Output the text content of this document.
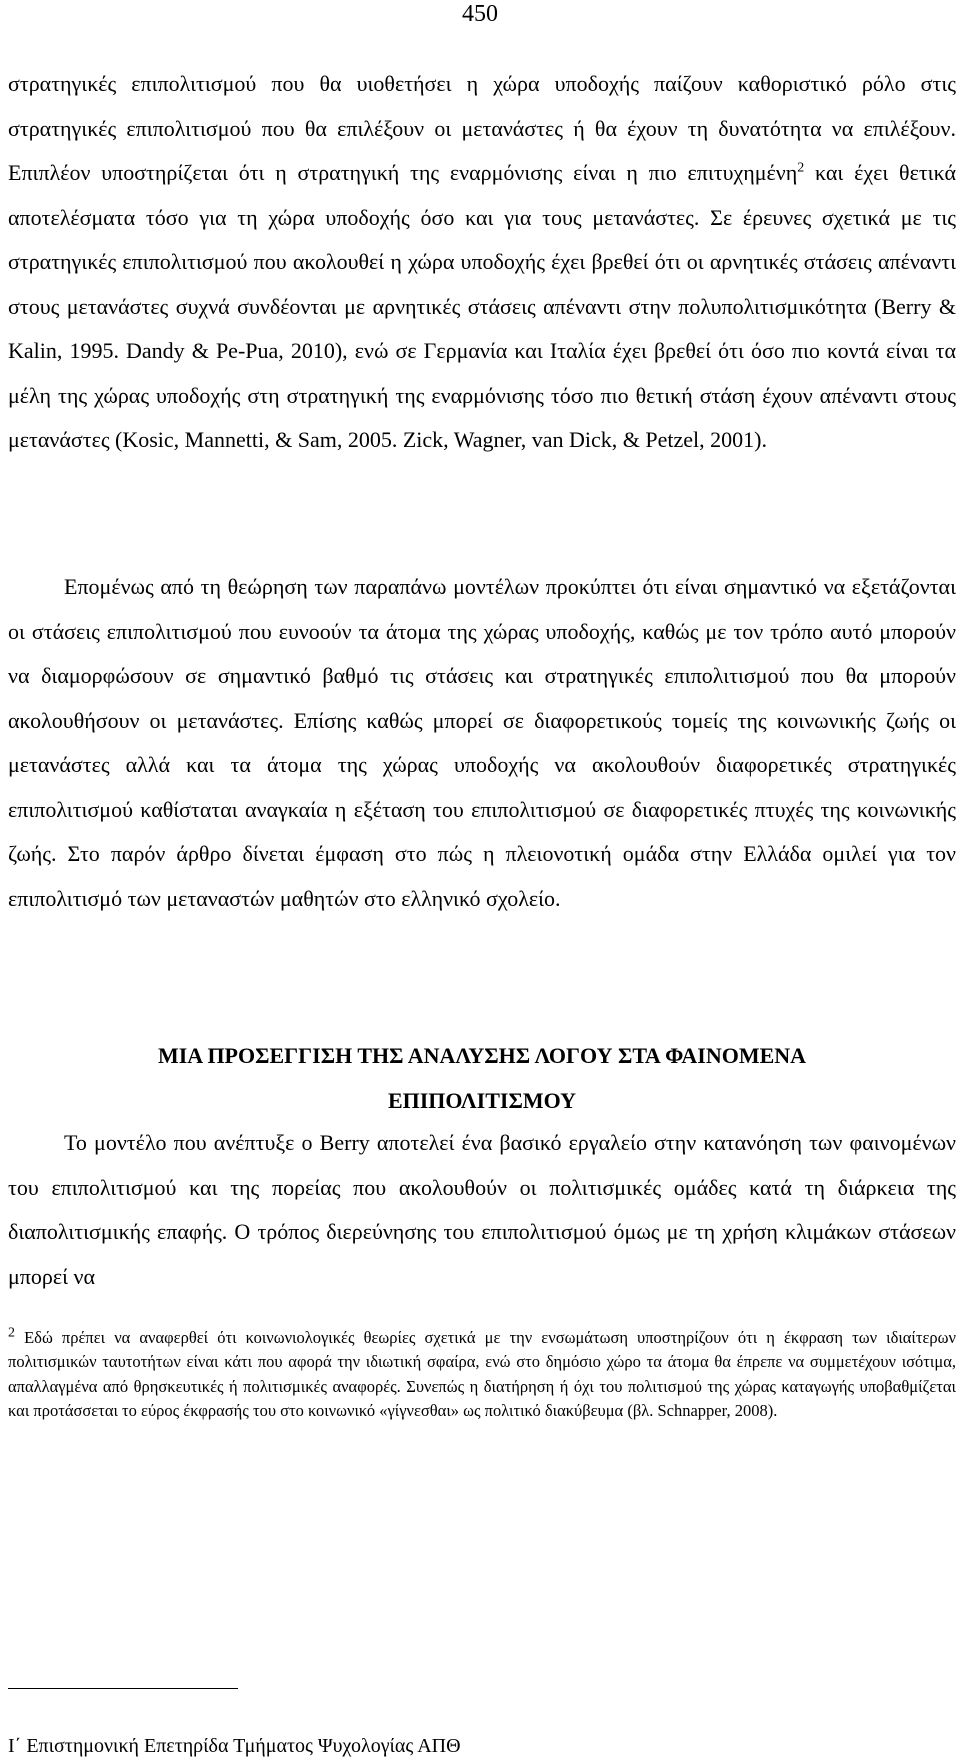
450

στρατηγικές επιπολιτισμού που θα υιοθετήσει η χώρα υποδοχής παίζουν καθοριστικό ρόλο στις στρατηγικές επιπολιτισμού που θα επιλέξουν οι μετανάστες ή θα έχουν τη δυνατότητα να επιλέξουν. Επιπλέον υποστηρίζεται ότι η στρατηγική της εναρμόνισης είναι η πιο επιτυχημένη$^2$ και έχει θετικά αποτελέσματα τόσο για τη χώρα υποδοχής όσο και για τους μετανάστες. Σε έρευνες σχετικά με τις στρατηγικές επιπολιτισμού που ακολουθεί η χώρα υποδοχής έχει βρεθεί ότι οι αρνητικές στάσεις απέναντι στους μετανάστες συχνά συνδέονται με αρνητικές στάσεις απέναντι στην πολυπολιτισμικότητα (Berry & Kalin, 1995. Dandy & Pe-Pua, 2010), ενώ σε Γερμανία και Ιταλία έχει βρεθεί ότι όσο πιο κοντά είναι τα μέλη της χώρας υποδοχής στη στρατηγική της εναρμόνισης τόσο πιο θετική στάση έχουν απέναντι στους μετανάστες (Kosic, Mannetti, & Sam, 2005. Zick, Wagner, van Dick, & Petzel, 2001).

Επομένως από τη θεώρηση των παραπάνω μοντέλων προκύπτει ότι είναι σημαντικό να εξετάζονται οι στάσεις επιπολιτισμού που ευνοούν τα άτομα της χώρας υποδοχής, καθώς με τον τρόπο αυτό μπορούν να διαμορφώσουν σε σημαντικό βαθμό τις στάσεις και στρατηγικές επιπολιτισμού που θα μπορούν ακολουθήσουν οι μετανάστες. Επίσης καθώς μπορεί σε διαφορετικούς τομείς της κοινωνικής ζωής οι μετανάστες αλλά και τα άτομα της χώρας υποδοχής να ακολουθούν διαφορετικές στρατηγικές επιπολιτισμού καθίσταται αναγκαία η εξέταση του επιπολιτισμού σε διαφορετικές πτυχές της κοινωνικής ζωής. Στο παρόν άρθρο δίνεται έμφαση στο πώς η πλειονοτική ομάδα στην Ελλάδα ομιλεί για τον επιπολιτισμό των μεταναστών μαθητών στο ελληνικό σχολείο.

ΜΙΑ ΠΡΟΣΕΓΓΙΣΗ ΤΗΣ ΑΝΑΛΥΣΗΣ ΛΟΓΟΥ ΣΤΑ ΦΑΙΝΟΜΕΝΑ
ΕΠΙΠΟΛΙΤΙΣΜΟΥ

Το μοντέλο που ανέπτυξε ο Berry αποτελεί ένα βασικό εργαλείο στην κατανόηση των φαινομένων του επιπολιτισμού και της πορείας που ακολουθούν οι πολιτισμικές ομάδες κατά τη διάρκεια της διαπολιτισμικής επαφής. Ο τρόπος διερεύνησης του επιπολιτισμού όμως με τη χρήση κλιμάκων στάσεων μπορεί να

$^2$ Εδώ πρέπει να αναφερθεί ότι κοινωνιολογικές θεωρίες σχετικά με την ενσωμάτωση υποστηρίζουν ότι η έκφραση των ιδιαίτερων πολιτισμικών ταυτοτήτων είναι κάτι που αφορά την ιδιωτική σφαίρα, ενώ στο δημόσιο χώρο τα άτομα θα έπρεπε να συμμετέχουν ισότιμα, απαλλαγμένα από θρησκευτικές ή πολιτισμικές αναφορές. Συνεπώς η διατήρηση ή όχι του πολιτισμού της χώρας καταγωγής υποβαθμίζεται και προτάσσεται το εύρος έκφρασής του στο κοινωνικό «γίγνεσθαι» ως πολιτικό διακύβευμα (βλ. Schnapper, 2008).

Ι΄ Επιστημονική Επετηρίδα Τμήματος Ψυχολογίας ΑΠΘ
